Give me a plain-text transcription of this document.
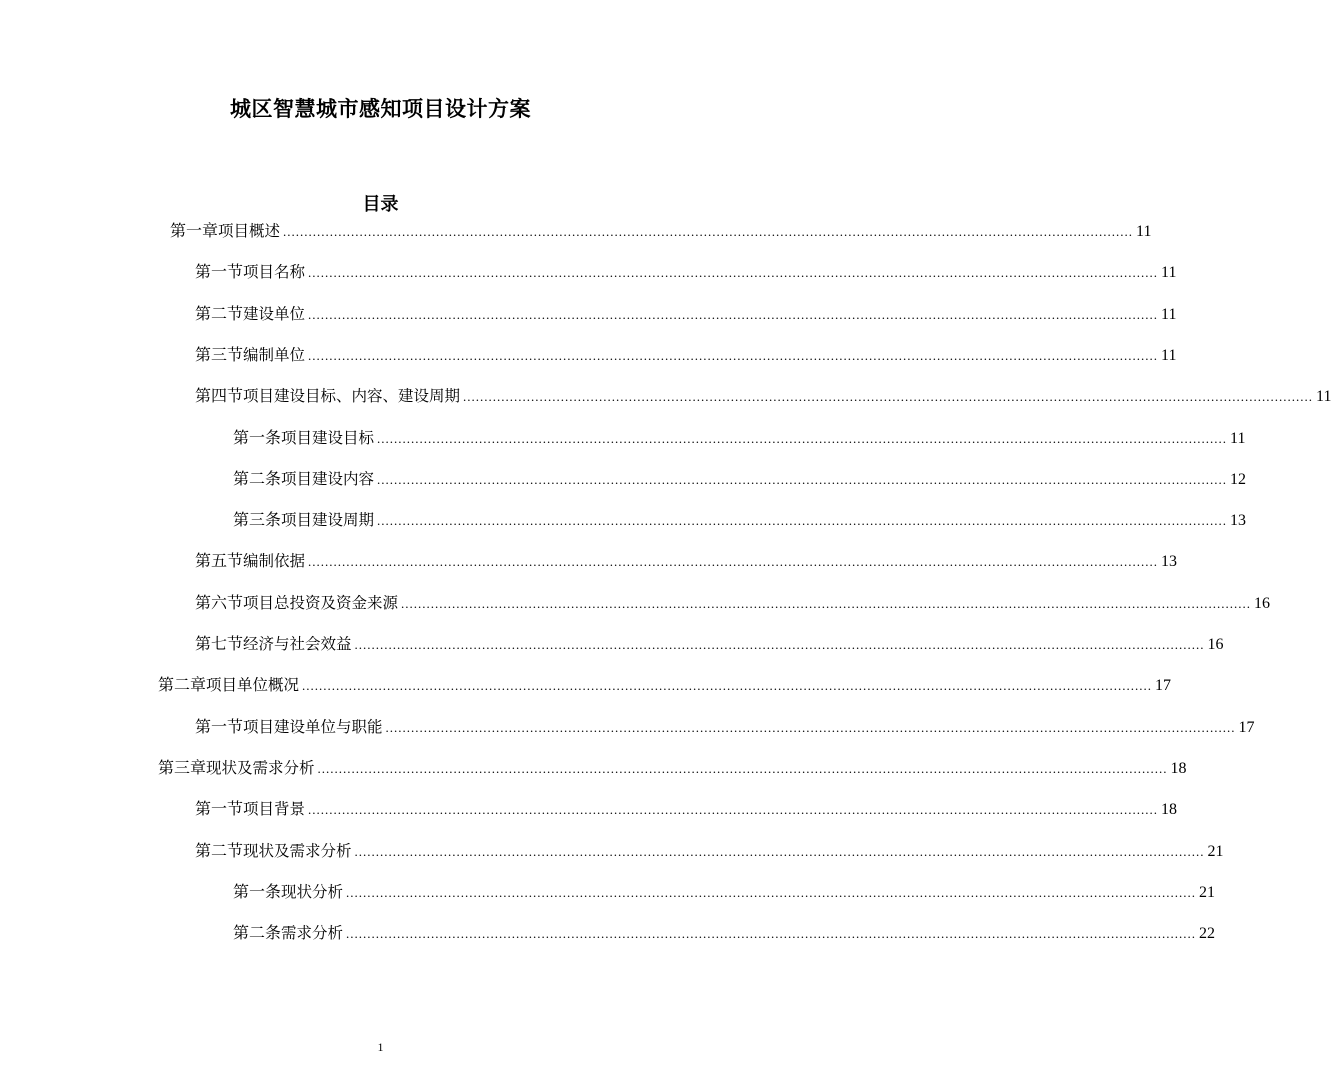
城区智慧城市感知项目设计方案
目录
第一章 项目概述 ........................................................................................................................................................................................................ 11
第一节 项目名称 ........................................................................................................................................................................................................ 11
第二节 建设单位 ........................................................................................................................................................................................................ 11
第三节 编制单位 ........................................................................................................................................................................................................ 11
第四节 项目建设目标、内容、建设周期 ........................................................................................................................................................................................................ 11
第一条 项目建设目标 ........................................................................................................................................................................................................ 11
第二条 项目建设内容 ........................................................................................................................................................................................................ 12
第三条 项目建设周期 ........................................................................................................................................................................................................ 13
第五节 编制依据 ........................................................................................................................................................................................................ 13
第六节 项目总投资及资金来源 ........................................................................................................................................................................................................ 16
第七节 经济与社会效益 ........................................................................................................................................................................................................ 16
第二章 项目单位概况 ........................................................................................................................................................................................................ 17
第一节 项目建设单位与职能 ........................................................................................................................................................................................................ 17
第三章 现状及需求分析 ........................................................................................................................................................................................................ 18
第一节 项目背景 ........................................................................................................................................................................................................ 18
第二节 现状及需求分析 ........................................................................................................................................................................................................ 21
第一条 现状分析 ........................................................................................................................................................................................................ 21
第二条 需求分析 ........................................................................................................................................................................................................ 22
1
